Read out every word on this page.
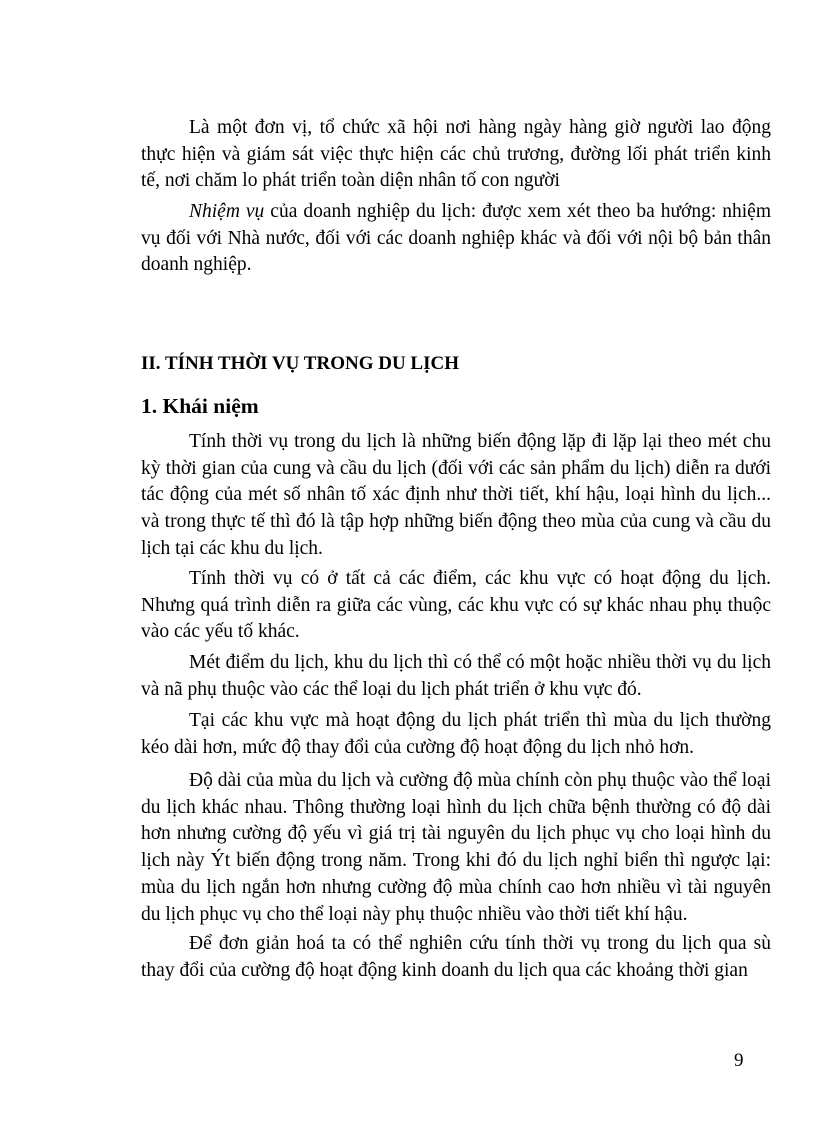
Là một đơn vị, tổ chức xã hội nơi hàng ngày hàng giờ người lao động thực hiện và giám sát việc thực hiện các chủ trương, đường lối phát triển kinh tế, nơi chăm lo phát triển toàn diện nhân tố con người

Nhiệm vụ của doanh nghiệp du lịch: được xem xét theo ba hướng: nhiệm vụ đối với Nhà nước, đối với các doanh nghiệp khác và đối với nội bộ bản thân doanh nghiệp.

II. TÍNH THỜI VỤ TRONG DU LỊCH
1. Khái niệm

Tính thời vụ trong du lịch là những biến động lặp đi lặp lại theo mét chu kỳ thời gian của cung và cầu du lịch (đối với các sản phẩm du lịch) diễn ra dưới tác động của mét số nhân tố xác định như thời tiết, khí hậu, loại hình du lịch... và trong thực tế thì đó là tập hợp những biến động theo mùa của cung và cầu du lịch tại các khu du lịch.

Tính thời vụ có ở tất cả các điểm, các khu vực có hoạt động du lịch. Nhưng quá trình diễn ra giữa các vùng, các khu vực có sự khác nhau phụ thuộc vào các yếu tố khác.

Mét điểm du lịch, khu du lịch thì có thể có một hoặc nhiều thời vụ du lịch và nã phụ thuộc vào các thể loại du lịch phát triển ở khu vực đó.

Tại các khu vực mà hoạt động du lịch phát triển thì mùa du lịch thường kéo dài hơn, mức độ thay đổi của cường độ hoạt động du lịch nhỏ hơn.

Độ dài của mùa du lịch và cường độ mùa chính còn phụ thuộc vào thể loại du lịch khác nhau. Thông thường loại hình du lịch chữa bệnh thường có độ dài hơn nhưng cường độ yếu vì giá trị tài nguyên du lịch phục vụ cho loại hình du lịch này Ýt biến động trong năm. Trong khi đó du lịch nghỉ biển thì ngược lại: mùa du lịch ngắn hơn nhưng cường độ mùa chính cao hơn nhiều vì tài nguyên du lịch phục vụ cho thể loại này phụ thuộc nhiều vào thời tiết khí hậu.

Để đơn giản hoá ta có thể nghiên cứu tính thời vụ trong du lịch qua sù thay đổi của cường độ hoạt động kinh doanh du lịch qua các khoảng thời gian

9
